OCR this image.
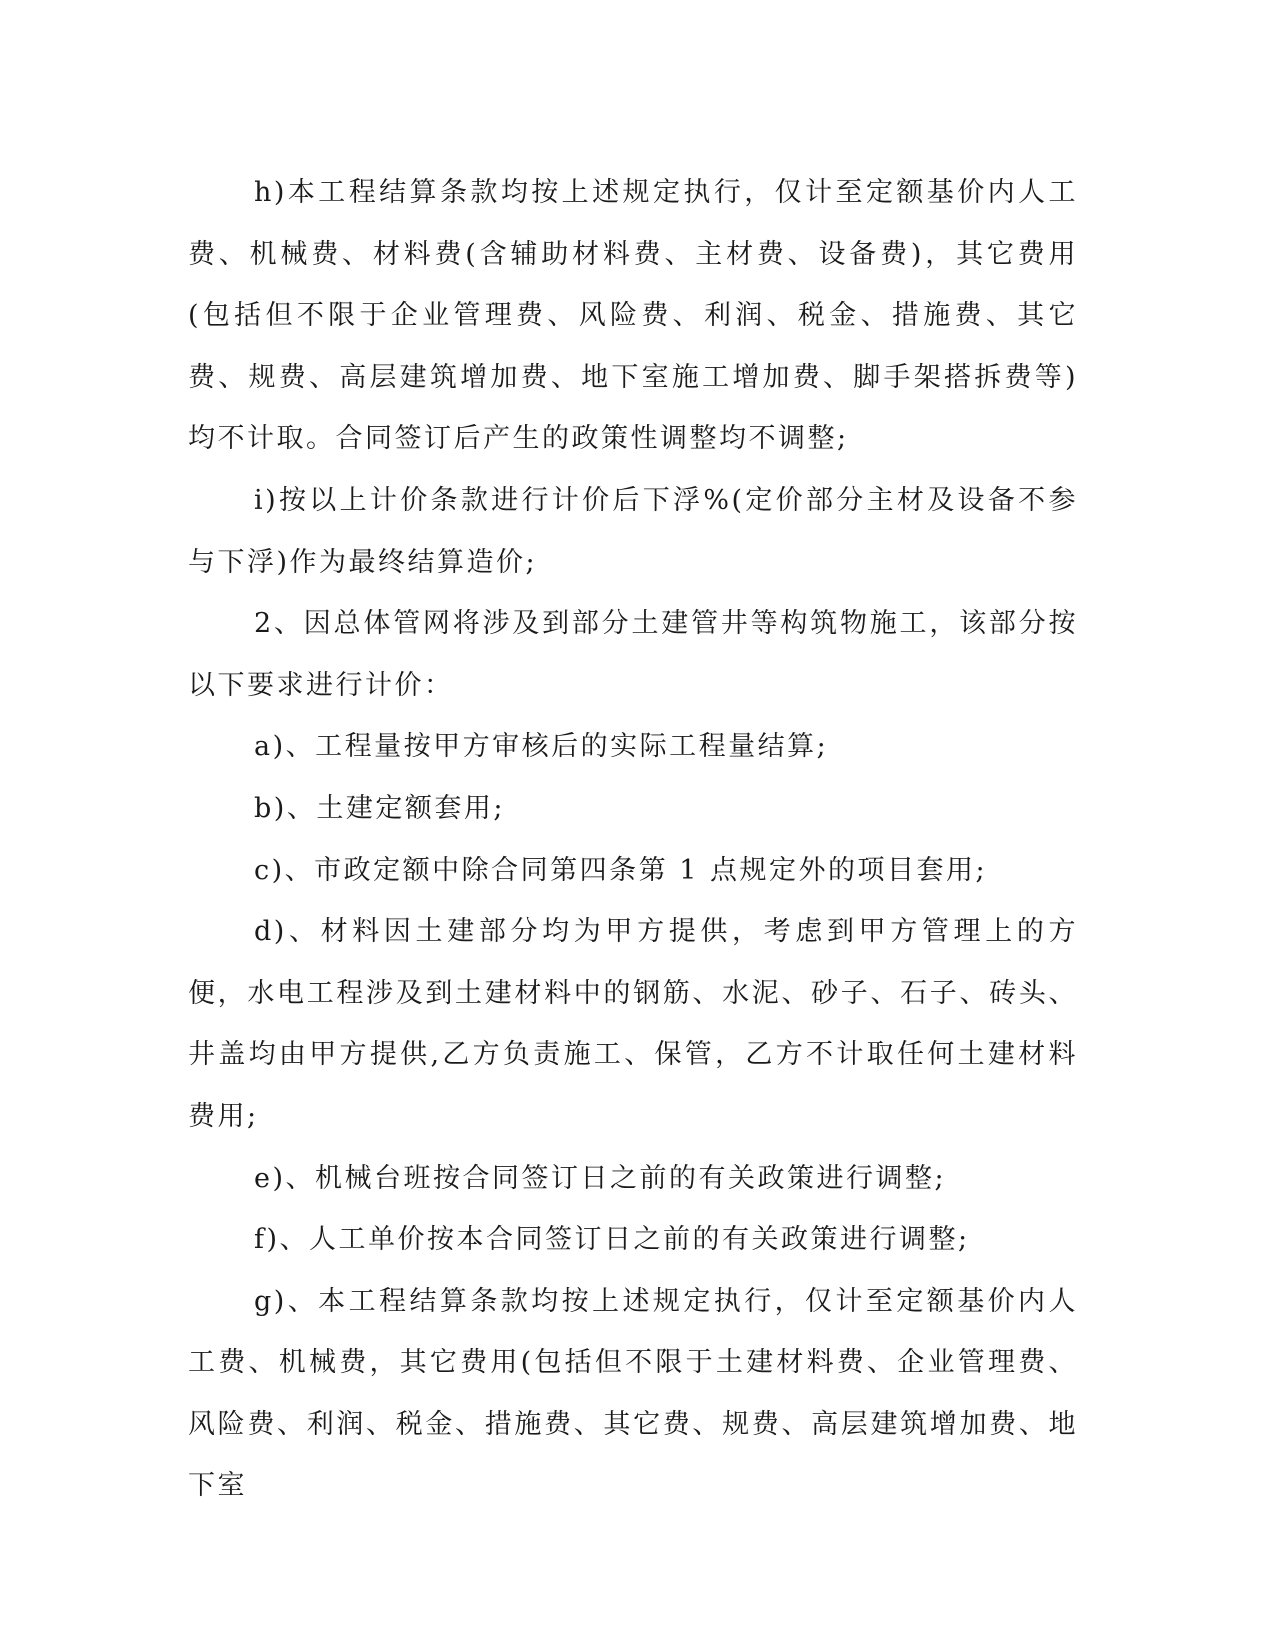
h)本工程结算条款均按上述规定执行，仅计至定额基价内人工费、机械费、材料费(含辅助材料费、主材费、设备费)，其它费用(包括但不限于企业管理费、风险费、利润、税金、措施费、其它费、规费、高层建筑增加费、地下室施工增加费、脚手架搭拆费等)均不计取。合同签订后产生的政策性调整均不调整;

i)按以上计价条款进行计价后下浮%(定价部分主材及设备不参与下浮)作为最终结算造价;

2、因总体管网将涉及到部分土建管井等构筑物施工，该部分按以下要求进行计价：

a)、工程量按甲方审核后的实际工程量结算;

b)、土建定额套用;

c)、市政定额中除合同第四条第 1 点规定外的项目套用;

d)、材料因土建部分均为甲方提供，考虑到甲方管理上的方便，水电工程涉及到土建材料中的钢筋、水泥、砂子、石子、砖头、井盖均由甲方提供,乙方负责施工、保管，乙方不计取任何土建材料费用;

e)、机械台班按合同签订日之前的有关政策进行调整;

f)、人工单价按本合同签订日之前的有关政策进行调整;

g)、本工程结算条款均按上述规定执行，仅计至定额基价内人工费、机械费，其它费用(包括但不限于土建材料费、企业管理费、风险费、利润、税金、措施费、其它费、规费、高层建筑增加费、地下室
